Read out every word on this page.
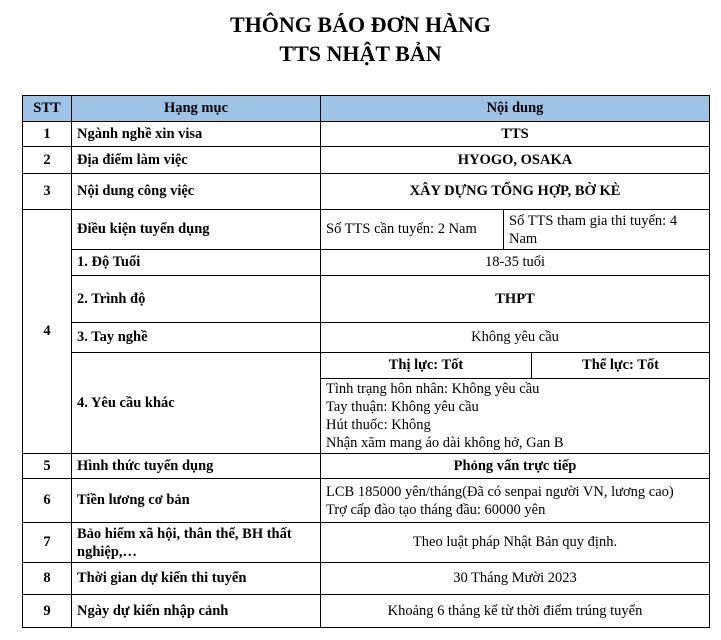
THÔNG BÁO ĐƠN HÀNG
TTS NHẬT BẢN
STT	Hạng mục	Nội dung		
1	Ngành nghề xin visa	TTS		
2	Địa điểm làm việc	HYOGO, OSAKA		
3	Nội dung công việc	XÂY DỰNG TỔNG HỢP, BỜ KÈ		
4	Điều kiện tuyển dụng	Số TTS cần tuyển: 2 Nam	Số TTS tham gia thi tuyển: 4 Nam	
	1. Độ Tuổi	18-35 tuổi		
	2. Trình độ	THPT		
	3. Tay nghề	Không yêu cầu		
	4. Yêu cầu khác	Thị lực: Tốt		Thể lực: Tốt

		Tình trạng hôn nhân: Không yêu cầu
Tay thuận: Không yêu cầu
Hút thuốc: Không
Nhận xăm mang áo dài không hở, Gan B		

5	Hình thức tuyển dụng	Phỏng vấn trực tiếp		
6	Tiền lương cơ bản	LCB 185000 yên/tháng(Đã có senpai người VN, lương cao)
Trợ cấp đào tạo tháng đầu: 60000 yên		

7	Bảo hiểm xã hội, thân thể, BH thất nghiệp,…	Theo luật pháp Nhật Bản quy định.		
8	Thời gian dự kiến thi tuyển	30 Tháng Mười 2023		
9	Ngày dự kiến nhập cảnh	Khoảng 6 tháng kể từ thời điểm trúng tuyển		
